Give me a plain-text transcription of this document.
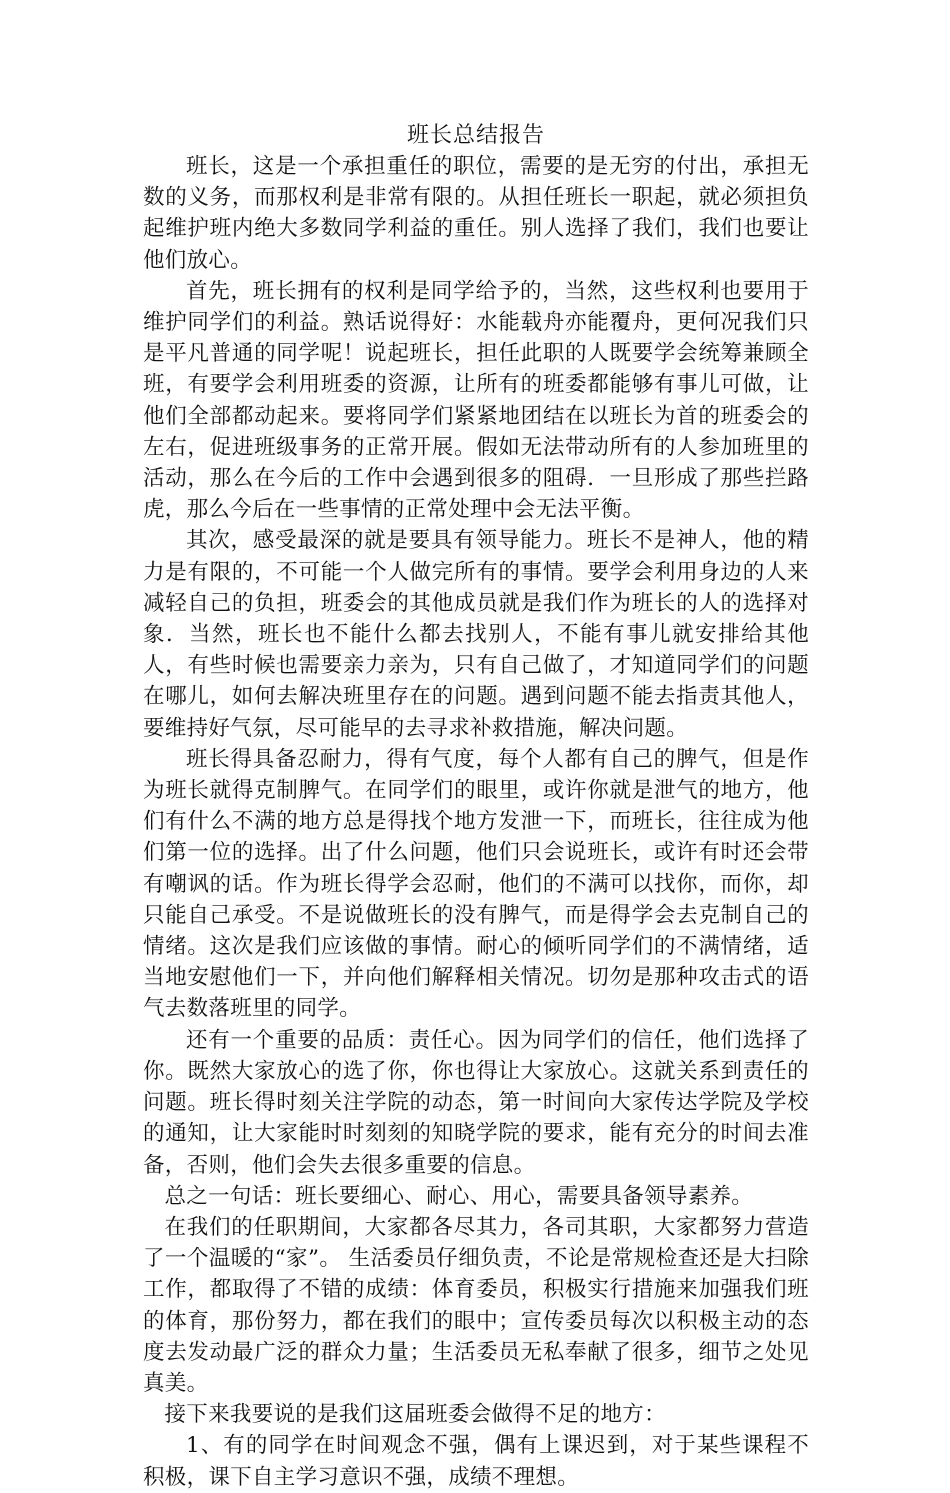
班长总结报告

班长，这是一个承担重任的职位，需要的是无穷的付出，承担无数的义务，而那权利是非常有限的。从担任班长一职起，就必须担负起维护班内绝大多数同学利益的重任。别人选择了我们，我们也要让他们放心。

首先，班长拥有的权利是同学给予的，当然，这些权利也要用于维护同学们的利益。熟话说得好：水能载舟亦能覆舟，更何况我们只是平凡普通的同学呢！说起班长，担任此职的人既要学会统筹兼顾全班，有要学会利用班委的资源，让所有的班委都能够有事儿可做，让他们全部都动起来。要将同学们紧紧地团结在以班长为首的班委会的左右，促进班级事务的正常开展。假如无法带动所有的人参加班里的活动，那么在今后的工作中会遇到很多的阻碍．一旦形成了那些拦路虎，那么今后在一些事情的正常处理中会无法平衡。

其次，感受最深的就是要具有领导能力。班长不是神人，他的精力是有限的，不可能一个人做完所有的事情。要学会利用身边的人来减轻自己的负担，班委会的其他成员就是我们作为班长的人的选择对象．当然，班长也不能什么都去找别人，不能有事儿就安排给其他人，有些时候也需要亲力亲为，只有自己做了，才知道同学们的问题在哪儿，如何去解决班里存在的问题。遇到问题不能去指责其他人，要维持好气氛，尽可能早的去寻求补救措施，解决问题。

班长得具备忍耐力，得有气度，每个人都有自己的脾气，但是作为班长就得克制脾气。在同学们的眼里，或许你就是泄气的地方，他们有什么不满的地方总是得找个地方发泄一下，而班长，往往成为他们第一位的选择。出了什么问题，他们只会说班长，或许有时还会带有嘲讽的话。作为班长得学会忍耐，他们的不满可以找你，而你，却只能自己承受。不是说做班长的没有脾气，而是得学会去克制自己的情绪。这次是我们应该做的事情。耐心的倾听同学们的不满情绪，适当地安慰他们一下，并向他们解释相关情况。切勿是那种攻击式的语气去数落班里的同学。

还有一个重要的品质：责任心。因为同学们的信任，他们选择了你。既然大家放心的选了你，你也得让大家放心。这就关系到责任的问题。班长得时刻关注学院的动态，第一时间向大家传达学院及学校的通知，让大家能时时刻刻的知晓学院的要求，能有充分的时间去准备，否则，他们会失去很多重要的信息。

总之一句话：班长要细心、耐心、用心，需要具备领导素养。

在我们的任职期间，大家都各尽其力，各司其职，大家都努力营造了一个温暖的“家”。 生活委员仔细负责，不论是常规检查还是大扫除工作，都取得了不错的成绩：体育委员，积极实行措施来加强我们班的体育，那份努力，都在我们的眼中；宣传委员每次以积极主动的态度去发动最广泛的群众力量；生活委员无私奉献了很多，细节之处见真美。

接下来我要说的是我们这届班委会做得不足的地方：

1、有的同学在时间观念不强，偶有上课迟到，对于某些课程不积极，课下自主学习意识不强，成绩不理想。
